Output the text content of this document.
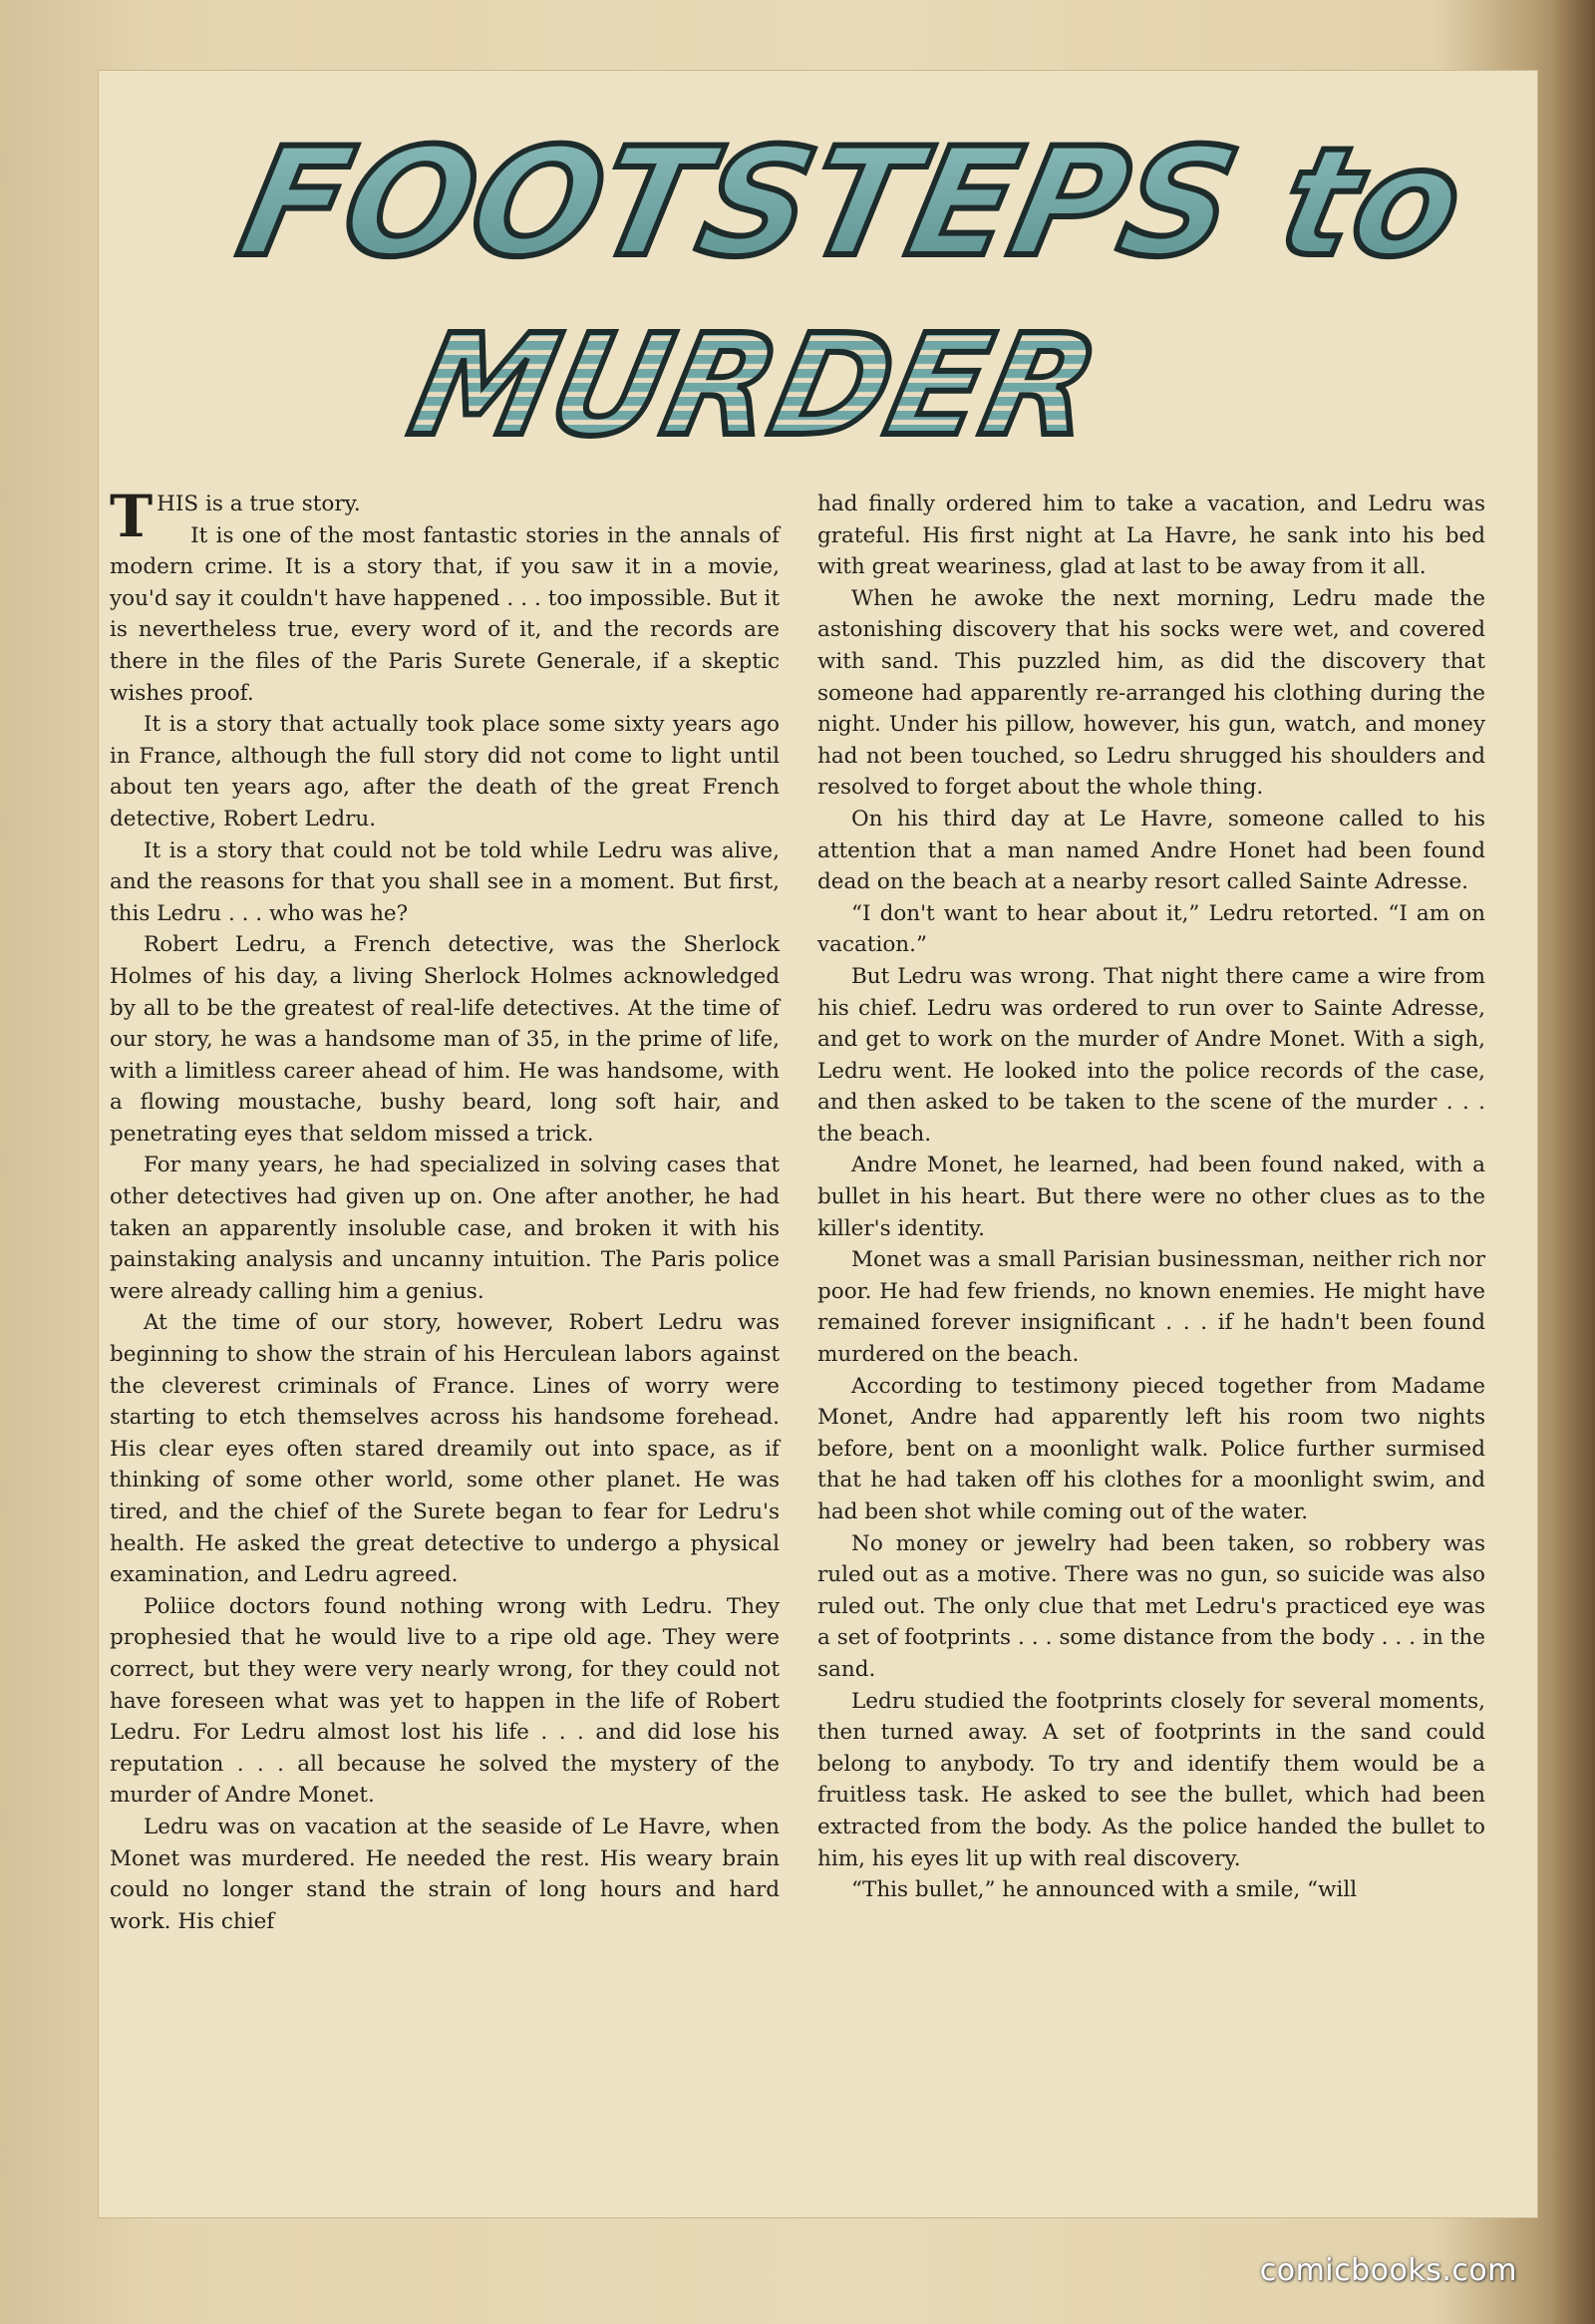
FOOTSTEPS to
MURDER

THIS is a true story.

It is one of the most fantastic stories in the annals of modern crime. It is a story that, if you saw it in a movie, you'd say it couldn't have happened . . . too impossible. But it is nevertheless true, every word of it, and the records are there in the files of the Paris Surete Generale, if a skeptic wishes proof.

It is a story that actually took place some sixty years ago in France, although the full story did not come to light until about ten years ago, after the death of the great French detective, Robert Ledru.

It is a story that could not be told while Ledru was alive, and the reasons for that you shall see in a moment. But first, this Ledru . . . who was he?

Robert Ledru, a French detective, was the Sherlock Holmes of his day, a living Sherlock Holmes acknowledged by all to be the greatest of real-life detectives. At the time of our story, he was a handsome man of 35, in the prime of life, with a limitless career ahead of him. He was handsome, with a flowing moustache, bushy beard, long soft hair, and penetrating eyes that seldom missed a trick.

For many years, he had specialized in solving cases that other detectives had given up on. One after another, he had taken an apparently insoluble case, and broken it with his painstaking analysis and uncanny intuition. The Paris police were already calling him a genius.

At the time of our story, however, Robert Ledru was beginning to show the strain of his Herculean labors against the cleverest criminals of France. Lines of worry were starting to etch themselves across his handsome forehead. His clear eyes often stared dreamily out into space, as if thinking of some other world, some other planet. He was tired, and the chief of the Surete began to fear for Ledru's health. He asked the great detective to undergo a physical examination, and Ledru agreed.

Poliice doctors found nothing wrong with Ledru. They prophesied that he would live to a ripe old age. They were correct, but they were very nearly wrong, for they could not have foreseen what was yet to happen in the life of Robert Ledru. For Ledru almost lost his life . . . and did lose his reputation . . . all because he solved the mystery of the murder of Andre Monet.

Ledru was on vacation at the seaside of Le Havre, when Monet was murdered. He needed the rest. His weary brain could no longer stand the strain of long hours and hard work. His chief

had finally ordered him to take a vacation, and Ledru was grateful. His first night at La Havre, he sank into his bed with great weariness, glad at last to be away from it all.

When he awoke the next morning, Ledru made the astonishing discovery that his socks were wet, and covered with sand. This puzzled him, as did the discovery that someone had apparently re-arranged his clothing during the night. Under his pillow, however, his gun, watch, and money had not been touched, so Ledru shrugged his shoulders and resolved to forget about the whole thing.

On his third day at Le Havre, someone called to his attention that a man named Andre Honet had been found dead on the beach at a nearby resort called Sainte Adresse.

“I don't want to hear about it,” Ledru retorted. “I am on vacation.”

But Ledru was wrong. That night there came a wire from his chief. Ledru was ordered to run over to Sainte Adresse, and get to work on the murder of Andre Monet. With a sigh, Ledru went. He looked into the police records of the case, and then asked to be taken to the scene of the murder . . . the beach.

Andre Monet, he learned, had been found naked, with a bullet in his heart. But there were no other clues as to the killer's identity.

Monet was a small Parisian businessman, neither rich nor poor. He had few friends, no known enemies. He might have remained forever insignificant . . . if he hadn't been found murdered on the beach.

According to testimony pieced together from Madame Monet, Andre had apparently left his room two nights before, bent on a moonlight walk. Police further surmised that he had taken off his clothes for a moonlight swim, and had been shot while coming out of the water.

No money or jewelry had been taken, so robbery was ruled out as a motive. There was no gun, so suicide was also ruled out. The only clue that met Ledru's practiced eye was a set of footprints . . . some distance from the body . . . in the sand.

Ledru studied the footprints closely for several moments, then turned away. A set of footprints in the sand could belong to anybody. To try and identify them would be a fruitless task. He asked to see the bullet, which had been extracted from the body. As the police handed the bullet to him, his eyes lit up with real discovery.

“This bullet,” he announced with a smile, “will

comicbooks.com
